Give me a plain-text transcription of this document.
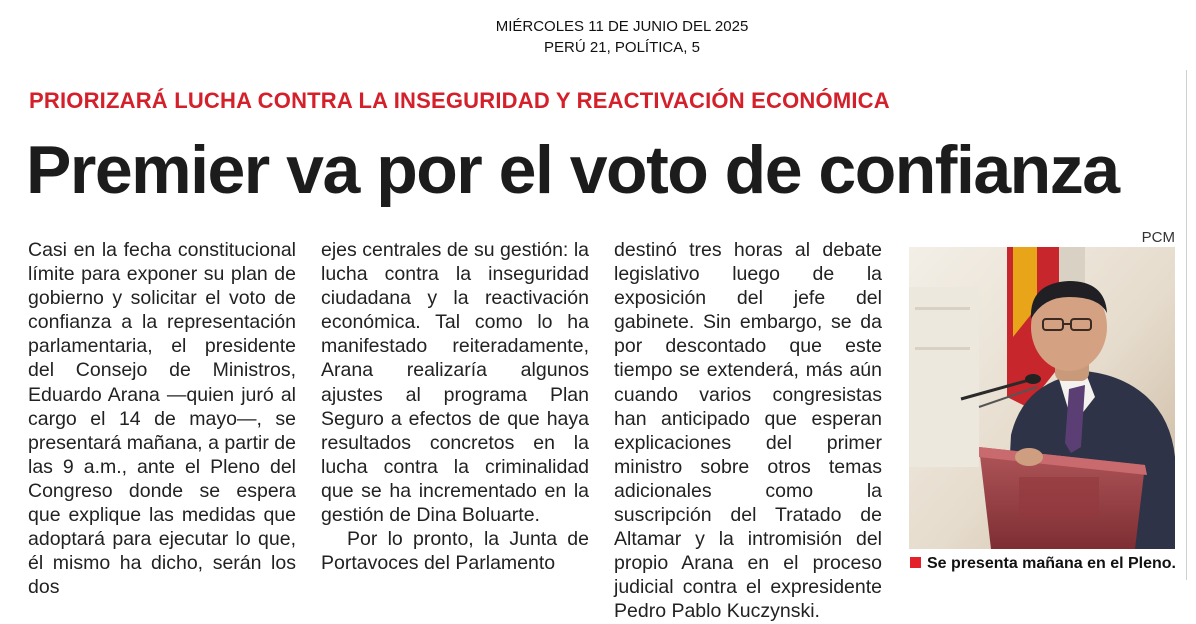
MIÉRCOLES 11 DE JUNIO DEL 2025
PERÚ 21, POLÍTICA, 5
PRIORIZARÁ LUCHA CONTRA LA INSEGURIDAD Y REACTIVACIÓN ECONÓMICA
Premier va por el voto de confianza

Casi en la fecha constitucional límite para exponer su plan de gobierno y solicitar el voto de confianza a la representación parlamentaria, el presidente del Consejo de Ministros, Eduardo Arana —quien juró al cargo el 14 de mayo—, se presentará mañana, a partir de las 9 a.m., ante el Pleno del Congreso donde se espera que explique las medidas que adoptará para ejecutar lo que, él mismo ha dicho, serán los dos

ejes centrales de su gestión: la lucha contra la inseguridad ciudadana y la reactivación económica. Tal como lo ha manifestado reiteradamente, Arana realizaría algunos ajustes al programa Plan Seguro a efectos de que haya resultados concretos en la lucha contra la criminalidad que se ha incrementado en la gestión de Dina Boluarte.

Por lo pronto, la Junta de Portavoces del Parlamento

destinó tres horas al debate legislativo luego de la exposición del jefe del gabinete. Sin embargo, se da por descontado que este tiempo se extenderá, más aún cuando varios congresistas han anticipado que esperan explicaciones del primer ministro sobre otros temas adicionales como la suscripción del Tratado de Altamar y la intromisión del propio Arana en el proceso judicial contra el expresidente Pedro Pablo Kuczynski.

PCM
Se presenta mañana en el Pleno.
